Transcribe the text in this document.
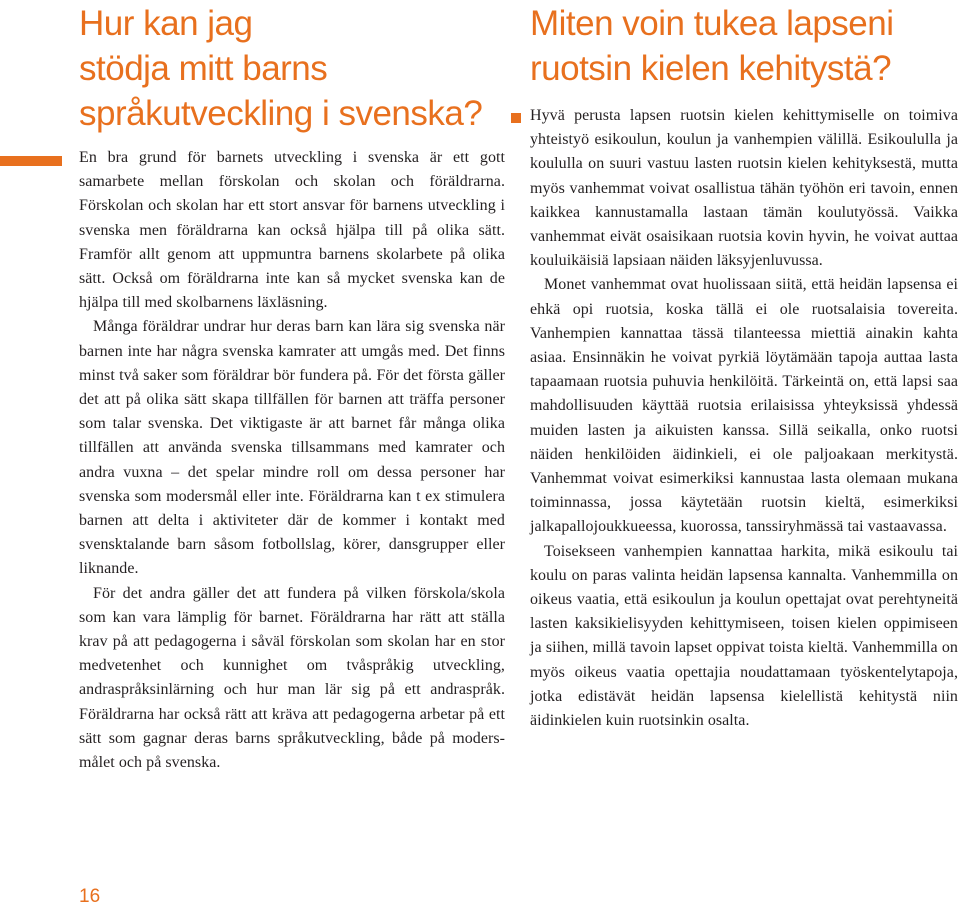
Hur kan jag
stödja mitt barns
språkutveckling i svenska?
Miten voin tukea lapseni
ruotsin kielen kehitystä?

En bra grund för barnets utveckling i svenska är ett gott samarbete mellan förskolan och skolan och föräldrarna. Förskolan och skolan har ett stort ansvar för barnens utveckling i svenska men föräldrarna kan också hjälpa till på olika sätt. Framför allt genom att uppmuntra barnens skolarbete på olika sätt. Också om föräldrarna inte kan så mycket svenska kan de hjälpa till med skolbarnens läxläsning.

Många föräldrar undrar hur deras barn kan lära sig svenska när barnen inte har några svenska kamrater att umgås med. Det finns minst två saker som föräldrar bör fundera på. För det första gäller det att på olika sätt skapa tillfällen för barnen att träffa personer som talar svenska. Det viktigaste är att barnet får många olika tillfällen att använda svenska tillsammans med kamrater och andra vuxna – det spelar mindre roll om dessa personer har svenska som modersmål eller inte. Föräldrarna kan t ex stimulera barnen att delta i aktiviteter där de kommer i kontakt med svensktalande barn såsom fotbollslag, körer, dansgrupper eller liknande.

För det andra gäller det att fundera på vilken förskola/skola som kan vara lämplig för barnet. Föräldrarna har rätt att ställa krav på att pedagogerna i såväl förskolan som skolan har en stor medvetenhet och kunnighet om tvåspråkig utveckling, andraspråksinlärning och hur man lär sig på ett andraspråk. Föräldrarna har också rätt att kräva att pedagogerna arbetar på ett sätt som gagnar deras barns språkutveckling, både på modersmålet och på svenska.

Hyvä perusta lapsen ruotsin kielen kehittymiselle on toimiva yhteistyö esikoulun, koulun ja vanhempien välillä. Esikoululla ja koululla on suuri vastuu lasten ruotsin kielen kehityksestä, mutta myös vanhemmat voivat osallistua tähän työhön eri tavoin, ennen kaikkea kannustamalla lastaan tämän koulutyössä. Vaikka vanhemmat eivät osaisikaan ruotsia kovin hyvin, he voivat auttaa kouluikäisiä lapsiaan näiden läksyjenluvussa.

Monet vanhemmat ovat huolissaan siitä, että heidän lapsensa ei ehkä opi ruotsia, koska tällä ei ole ruotsalaisia tovereita. Vanhempien kannattaa tässä tilanteessa miettiä ainakin kahta asiaa. Ensinnäkin he voivat pyrkiä löytämään tapoja auttaa lasta tapaamaan ruotsia puhuvia henkilöitä. Tärkeintä on, että lapsi saa mahdollisuuden käyttää ruotsia erilaisissa yhteyksissä yhdessä muiden lasten ja aikuisten kanssa. Sillä seikalla, onko ruotsi näiden henkilöiden äidinkieli, ei ole paljoakaan merkitystä. Vanhemmat voivat esimerkiksi kannustaa lasta olemaan mukana toiminnassa, jossa käytetään ruotsin kieltä, esimerkiksi jalkapallojoukkueessa, kuorossa, tanssiryhmässä tai vastaavassa.

Toisekseen vanhempien kannattaa harkita, mikä esikoulu tai koulu on paras valinta heidän lapsensa kannalta. Vanhemmilla on oikeus vaatia, että esikoulun ja koulun opettajat ovat perehtyneitä lasten kaksikielisyyden kehittymiseen, toisen kielen oppimiseen ja siihen, millä tavoin lapset oppivat toista kieltä. Vanhemmilla on myös oikeus vaatia opettajia noudattamaan työskentelytapoja, jotka edistävät heidän lapsensa kielellistä kehitystä niin äidinkielen kuin ruotsinkin osalta.

16
